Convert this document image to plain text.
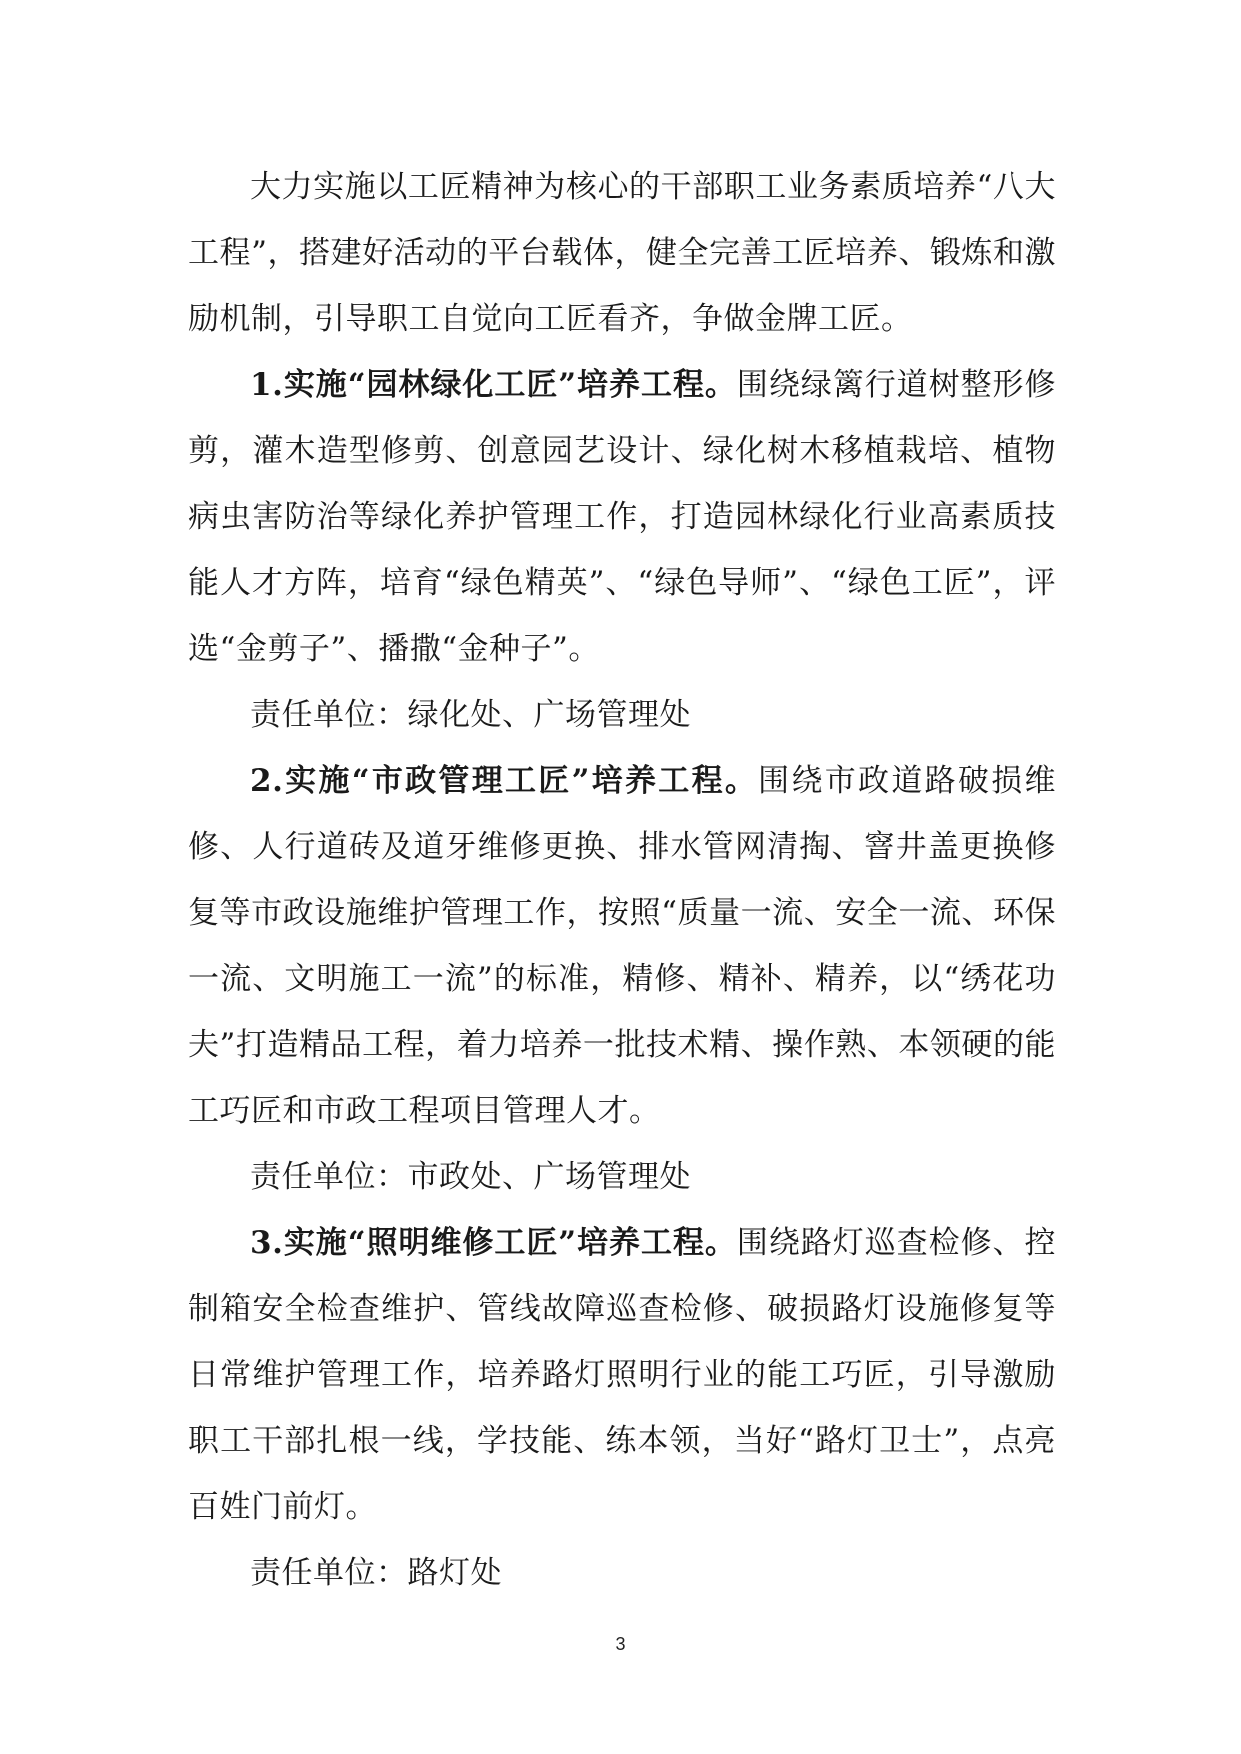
大力实施以工匠精神为核心的干部职工业务素质培养“八大工程”，搭建好活动的平台载体，健全完善工匠培养、锻炼和激励机制，引导职工自觉向工匠看齐，争做金牌工匠。

1.实施“园林绿化工匠”培养工程。围绕绿篱行道树整形修剪，灌木造型修剪、创意园艺设计、绿化树木移植栽培、植物病虫害防治等绿化养护管理工作，打造园林绿化行业高素质技能人才方阵，培育“绿色精英”、“绿色导师”、“绿色工匠”，评选“金剪子”、播撒“金种子”。

责任单位：绿化处、广场管理处

2.实施“市政管理工匠”培养工程。围绕市政道路破损维修、人行道砖及道牙维修更换、排水管网清掏、窨井盖更换修复等市政设施维护管理工作，按照“质量一流、安全一流、环保一流、文明施工一流”的标准，精修、精补、精养，以“绣花功夫”打造精品工程，着力培养一批技术精、操作熟、本领硬的能工巧匠和市政工程项目管理人才。

责任单位：市政处、广场管理处

3.实施“照明维修工匠”培养工程。围绕路灯巡查检修、控制箱安全检查维护、管线故障巡查检修、破损路灯设施修复等日常维护管理工作，培养路灯照明行业的能工巧匠，引导激励职工干部扎根一线，学技能、练本领，当好“路灯卫士”，点亮百姓门前灯。

责任单位：路灯处

3
